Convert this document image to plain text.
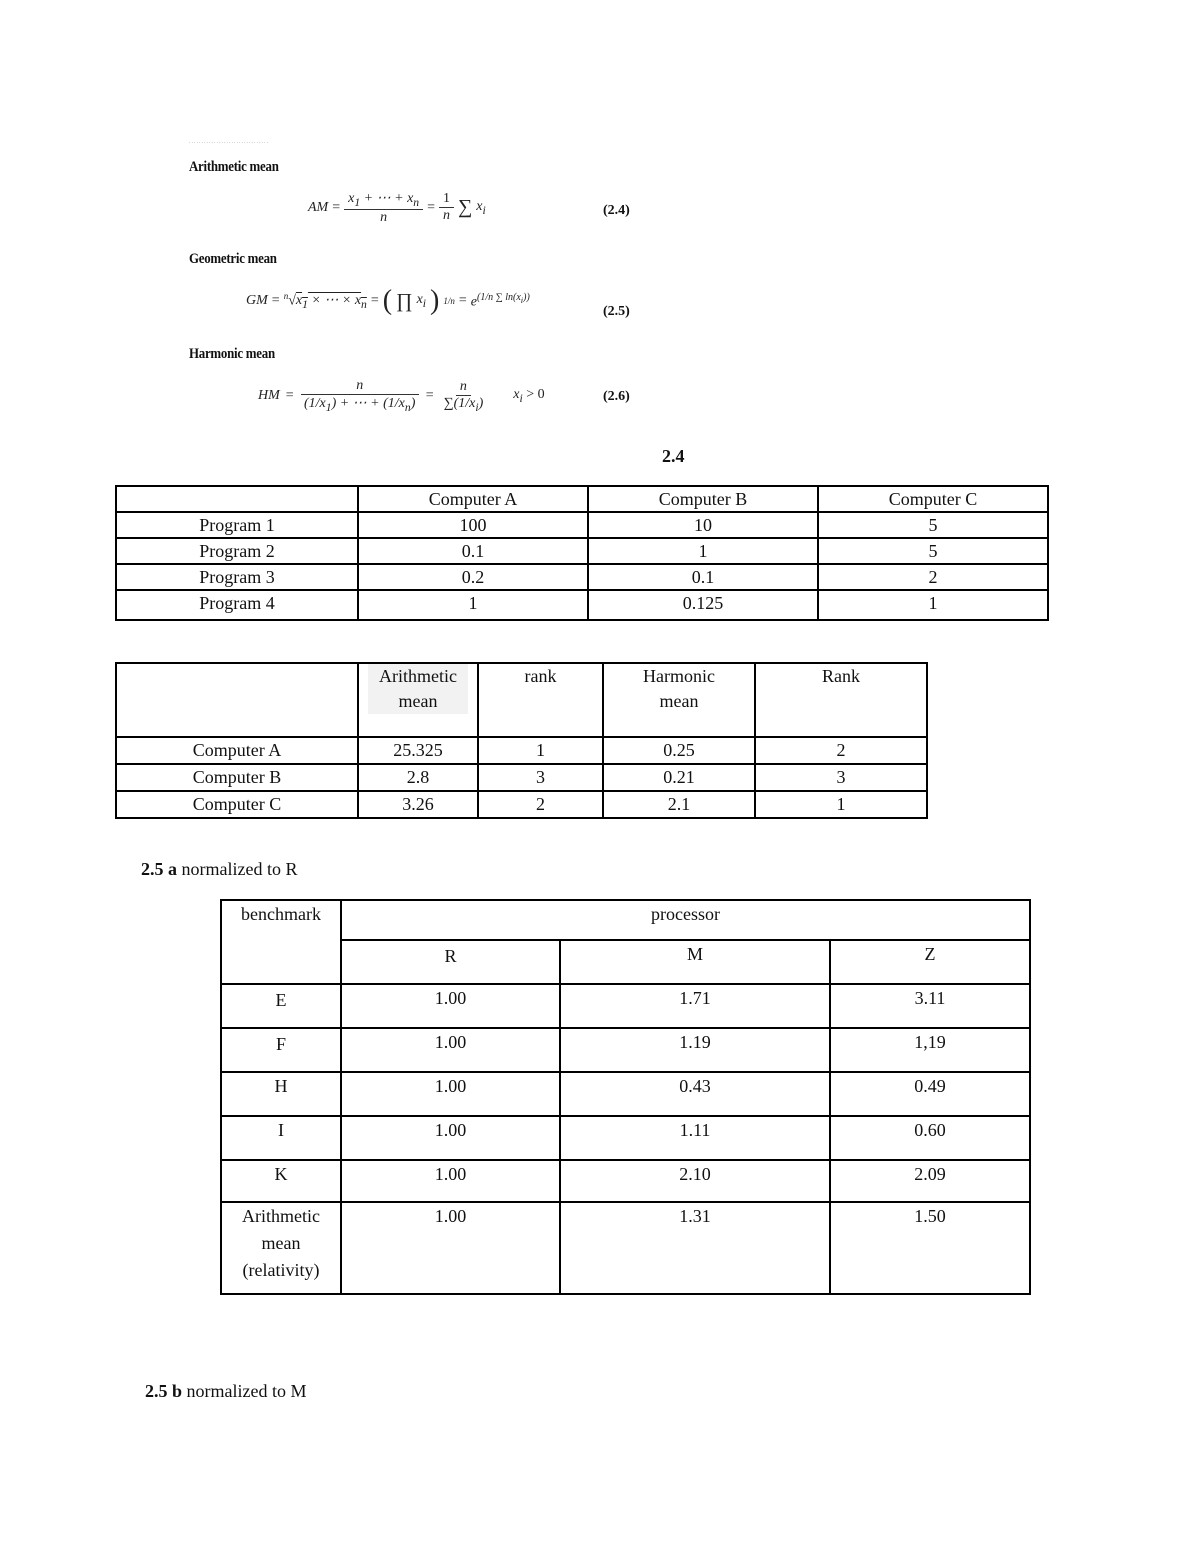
................................
Arithmetic mean
AM = $\frac{x_1 + \cdots + x_n}{n} = \frac{1}{n}$ ∑ $x_i$	(2.4)
Geometric mean
GM = $^n√x_1$ × ⋯ × $x_n$ = ( ∏ $x_i$ ) $1/n = e^{(1/n \sum ln(x_i))}$
(2.5)
Harmonic mean
HM = $\frac{n}{(1/x_1) + \cdots + (1/x_n)} = \frac{n}{\sum(1/x_i)} x_i > 0$	(2.6)
2.4
	Computer A	Computer B	Computer C
Program 1	100	10	5
Program 2	0.1	1	5
Program 3	0.2	0.1	2
Program 4	1	0.125	1
	Arithmetic mean	rank	Harmonic mean	Rank
Computer A	25.325	1	0.25	2
Computer B	2.8	3	0.21	3
Computer C	3.26	2	2.1	1
2.5 a normalized to R
benchmark	processor		
	R	M	Z
E	1.00	1.71	3.11
F	1.00	1.19	1,19
H	1.00	0.43	0.49
I	1.00	1.11	0.60
K	1.00	2.10	2.09
Arithmetic mean (relativity)	1.00	1.31	1.50
2.5 b normalized to M
